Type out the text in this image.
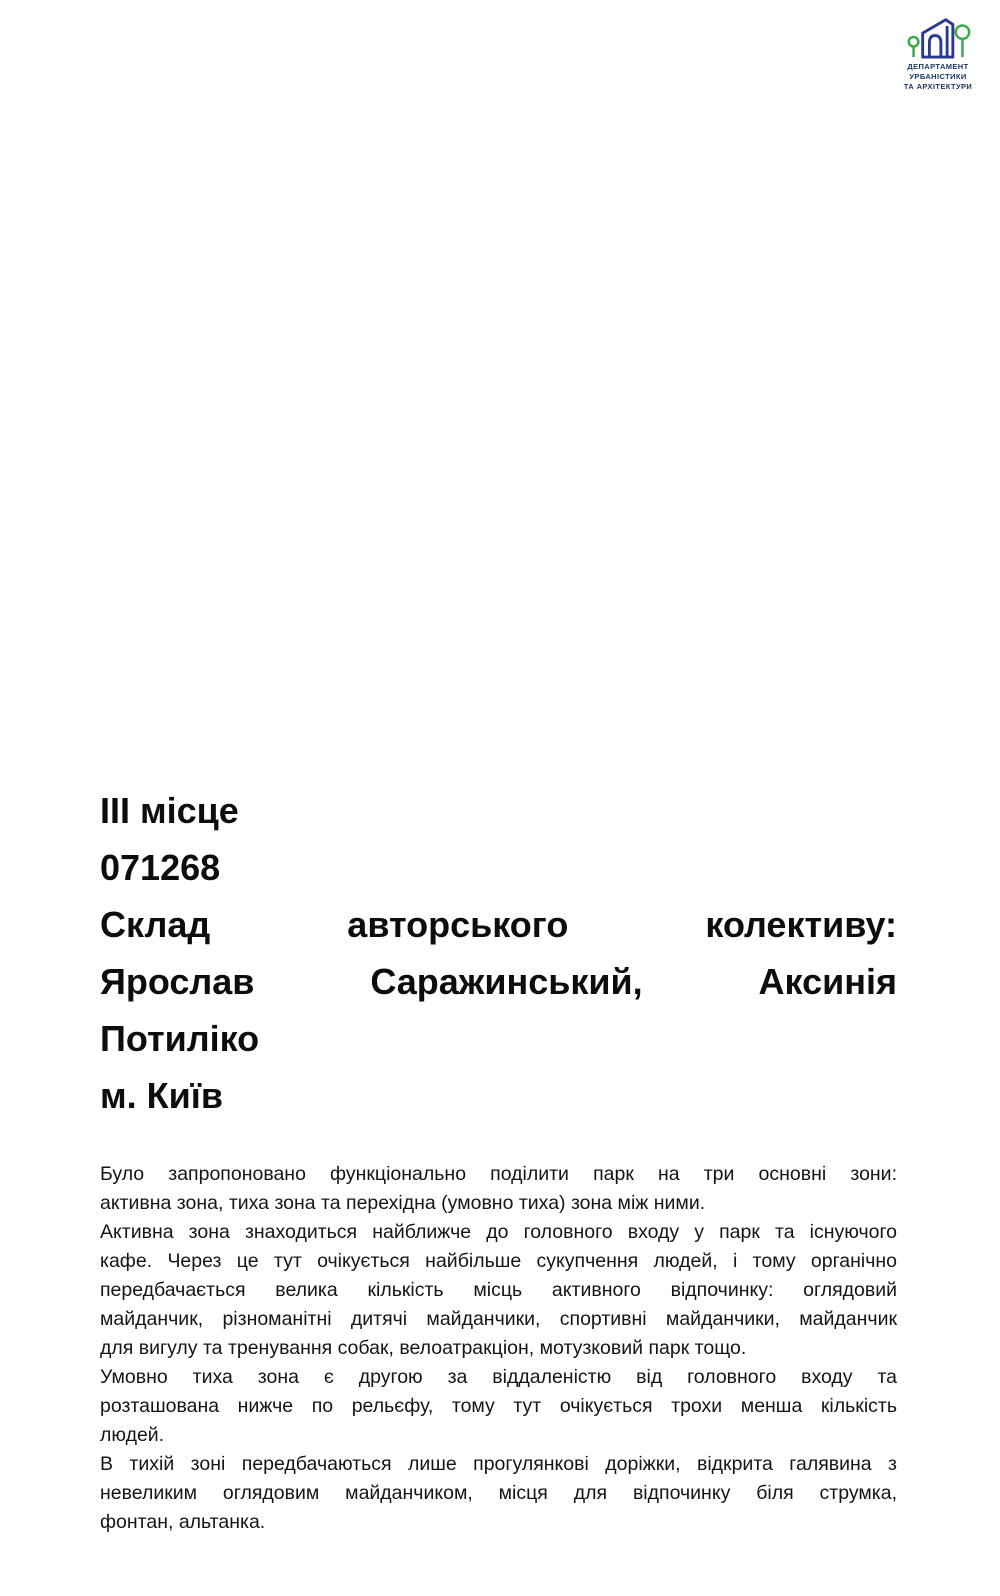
ДЕПАРТАМЕНТ
УРБАНІСТИКИ
ТА АРХІТЕКТУРИ
ІІІ місце
071268
Склад авторського колективу:
Ярослав Саражинський, Аксинія
Потиліко
м. Київ
Було запропоновано функціонально поділити парк на три основні зони:
активна зона, тиха зона та перехідна (умовно тиха) зона між ними.
Активна зона знаходиться найближче до головного входу у парк та існуючого
кафе. Через це тут очікується найбільше сукупчення людей, і тому органічно
передбачається велика кількість місць активного відпочинку: оглядовий
майданчик, різноманітні дитячі майданчики, спортивні майданчики, майданчик
для вигулу та тренування собак, велоатракціон, мотузковий парк тощо.
Умовно тиха зона є другою за віддаленістю від головного входу та
розташована нижче по рельєфу, тому тут очікується трохи менша кількість
людей.
В тихій зоні передбачаються лише прогулянкові доріжки, відкрита галявина з
невеликим оглядовим майданчиком, місця для відпочинку біля струмка,
фонтан, альтанка.
